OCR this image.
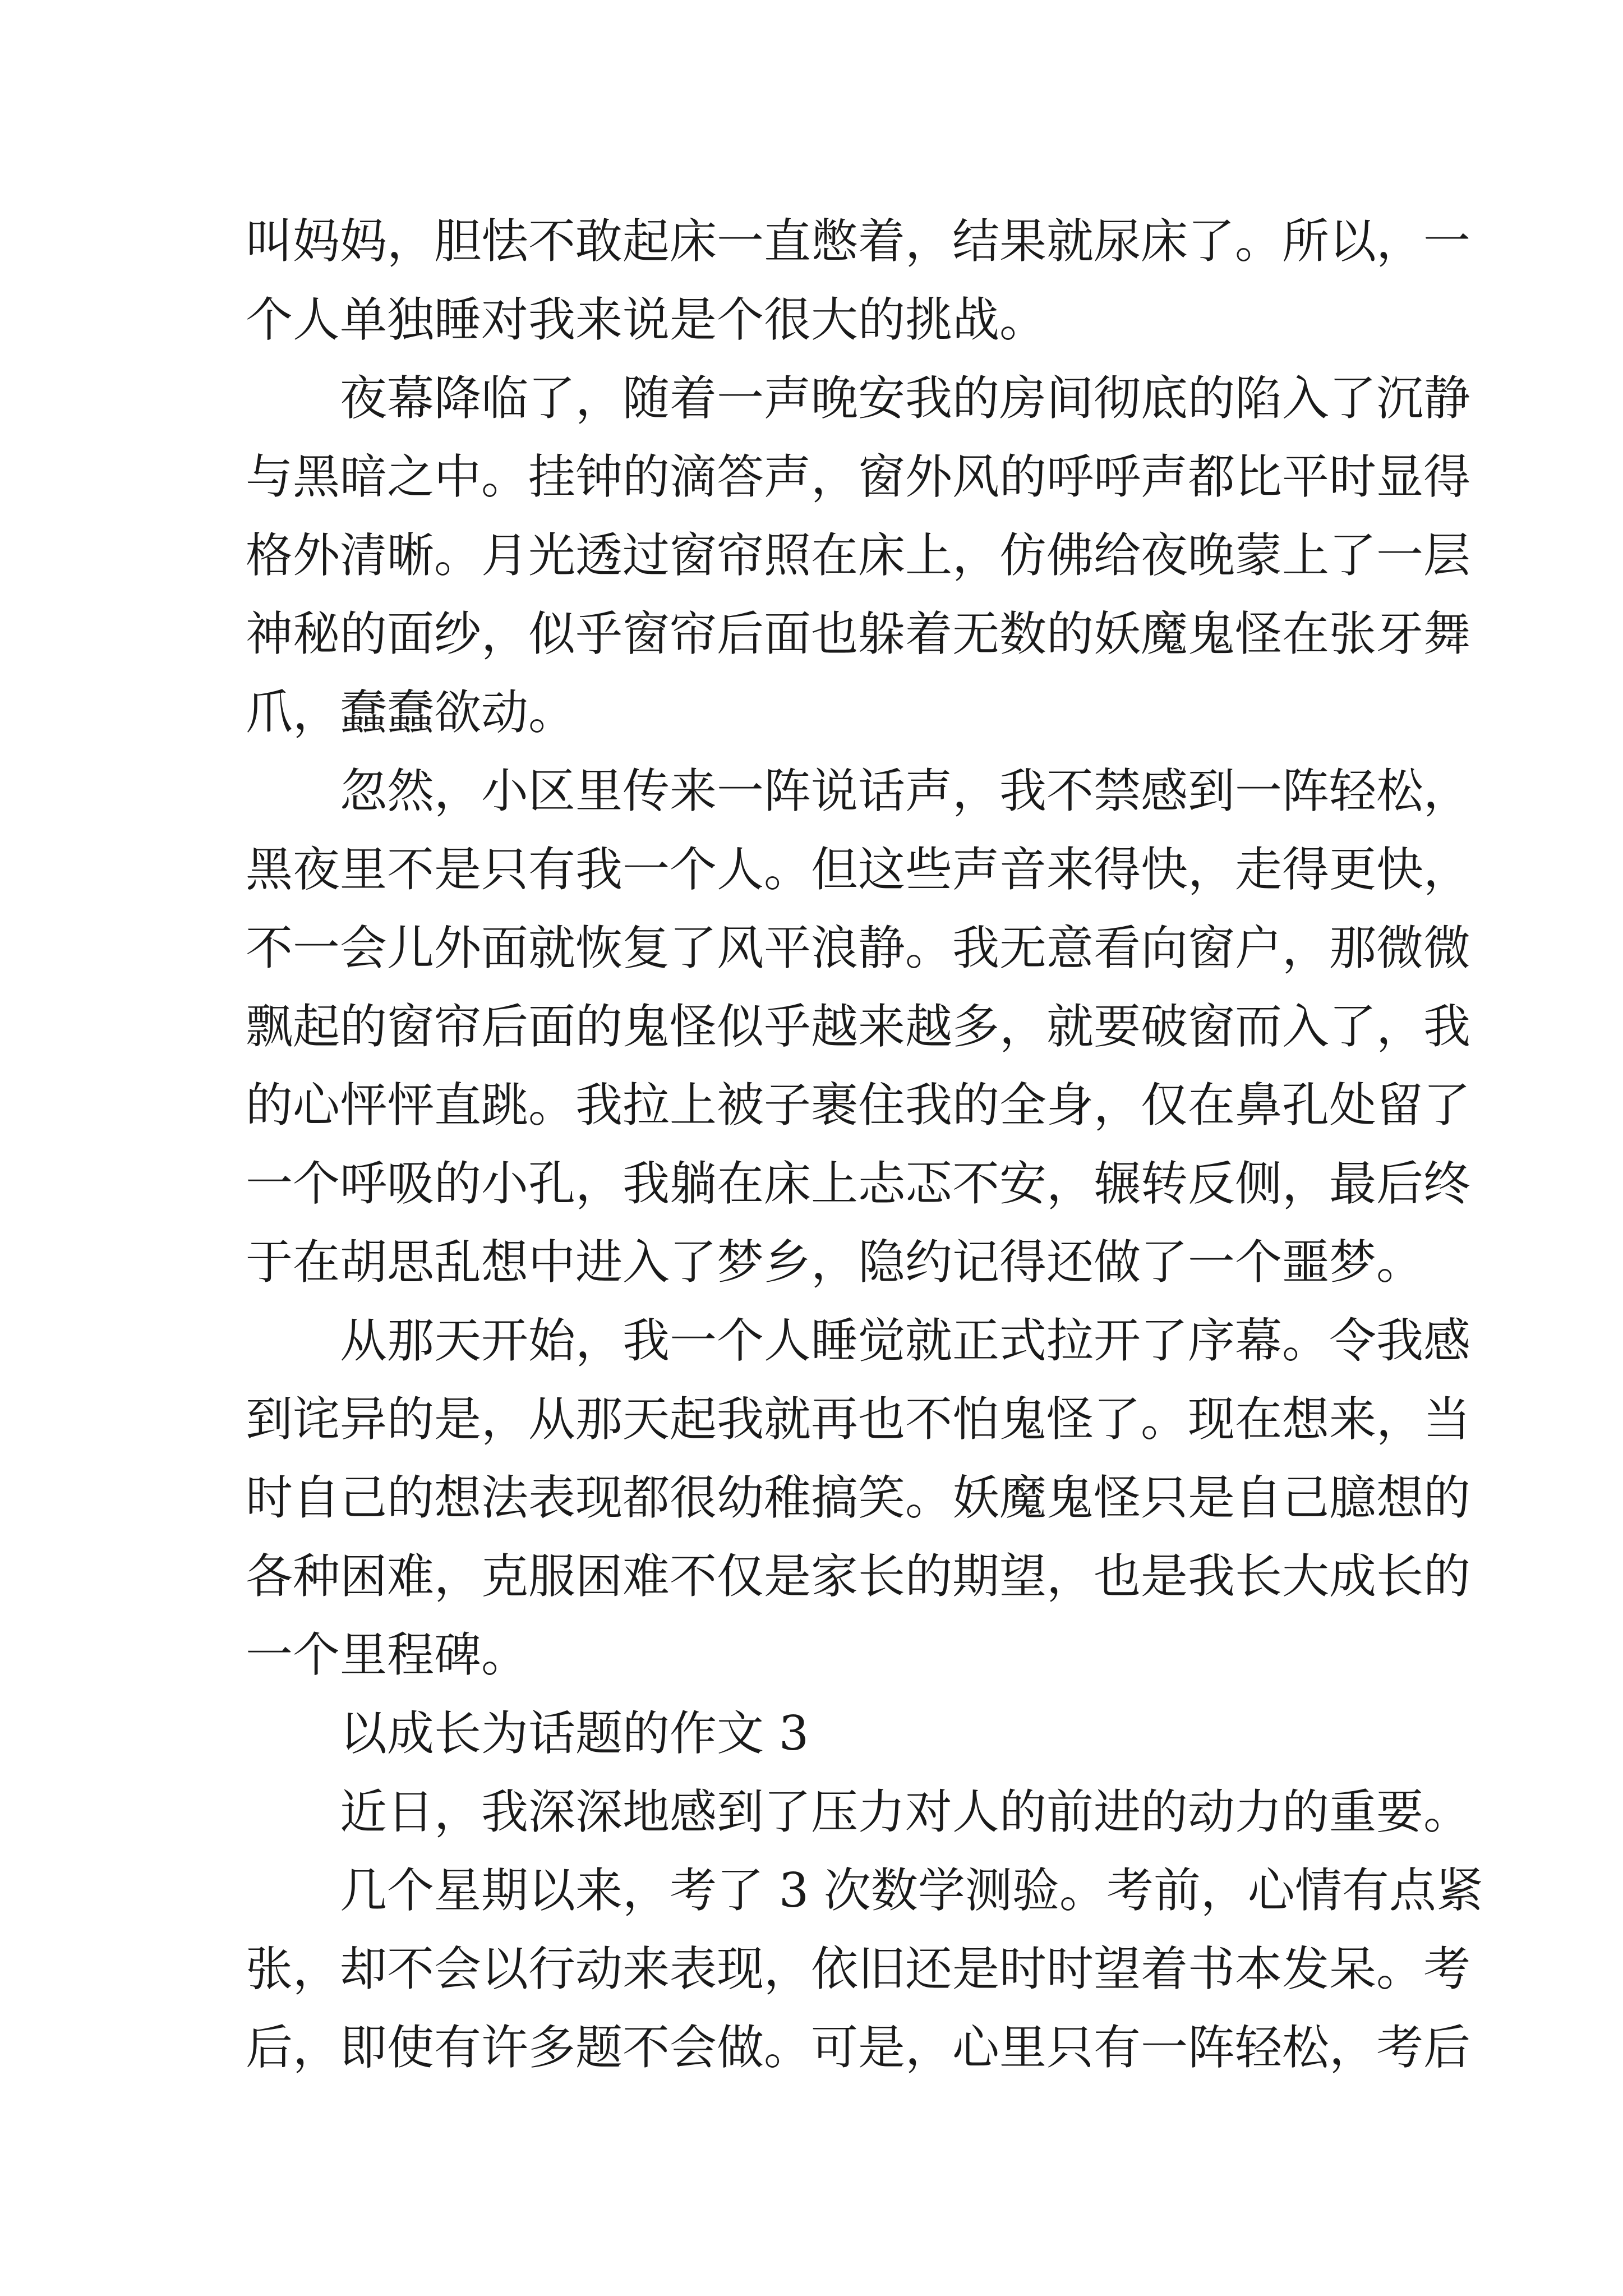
叫妈妈，胆怯不敢起床一直憋着，结果就尿床了。所以，一
个人单独睡对我来说是个很大的挑战。
夜幕降临了，随着一声晚安我的房间彻底的陷入了沉静
与黑暗之中。挂钟的滴答声，窗外风的呼呼声都比平时显得
格外清晰。月光透过窗帘照在床上，仿佛给夜晚蒙上了一层
神秘的面纱，似乎窗帘后面也躲着无数的妖魔鬼怪在张牙舞
爪，蠢蠢欲动。
忽然，小区里传来一阵说话声，我不禁感到一阵轻松，
黑夜里不是只有我一个人。但这些声音来得快，走得更快，
不一会儿外面就恢复了风平浪静。我无意看向窗户，那微微
飘起的窗帘后面的鬼怪似乎越来越多，就要破窗而入了，我
的心怦怦直跳。我拉上被子裹住我的全身，仅在鼻孔处留了
一个呼吸的小孔，我躺在床上忐忑不安，辗转反侧，最后终
于在胡思乱想中进入了梦乡，隐约记得还做了一个噩梦。
从那天开始，我一个人睡觉就正式拉开了序幕。令我感
到诧异的是，从那天起我就再也不怕鬼怪了。现在想来，当
时自己的想法表现都很幼稚搞笑。妖魔鬼怪只是自己臆想的
各种困难，克服困难不仅是家长的期望，也是我长大成长的
一个里程碑。
以成长为话题的作文 3
近日，我深深地感到了压力对人的前进的动力的重要。
几个星期以来，考了 3 次数学测验。考前，心情有点紧
张，却不会以行动来表现，依旧还是时时望着书本发呆。考
后，即使有许多题不会做。可是，心里只有一阵轻松，考后
